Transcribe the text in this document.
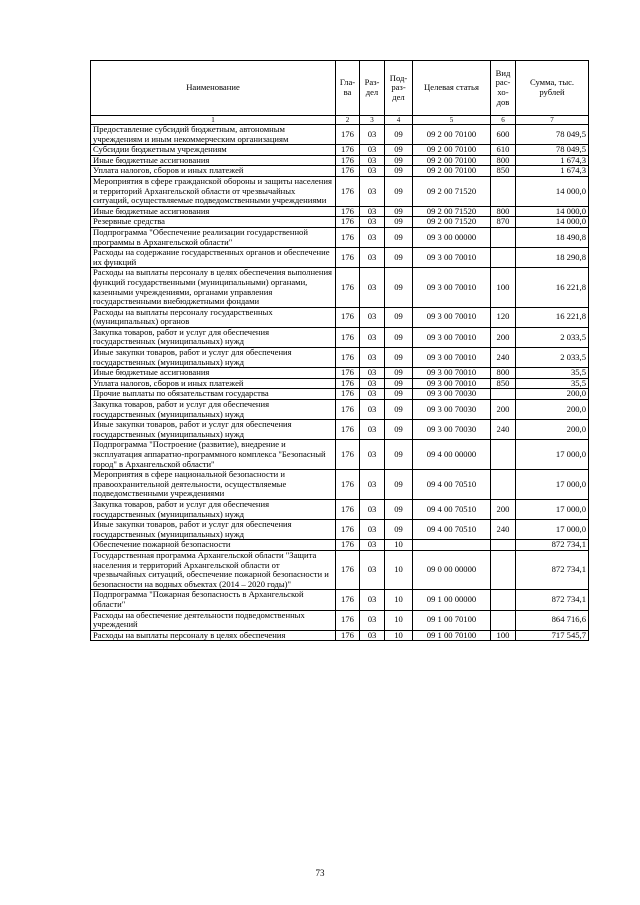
Наименование	Гла-ва	Раз-дел	Под-раз-дел	Целевая статья	Вид рас-хо-дов	Сумма, тыс. рублей
1	2	3	4	5	6	7
Предоставление субсидий бюджетным, автономным учреждениям и иным некоммерческим организациям	176	03	09	09 2 00 70100	600	78 049,5
Субсидии бюджетным учреждениям	176	03	09	09 2 00 70100	610	78 049,5
Иные бюджетные ассигнования	176	03	09	09 2 00 70100	800	1 674,3
Уплата налогов, сборов и иных платежей	176	03	09	09 2 00 70100	850	1 674,3
Мероприятия в сфере гражданской обороны и защиты населения и территорий Архангельской области от чрезвычайных ситуаций, осуществляемые подведомственными учреждениями	176	03	09	09 2 00 71520		14 000,0
Иные бюджетные ассигнования	176	03	09	09 2 00 71520	800	14 000,0
Резервные средства	176	03	09	09 2 00 71520	870	14 000,0
Подпрограмма "Обеспечение реализации государственной программы в Архангельской области"	176	03	09	09 3 00 00000		18 490,8
Расходы на содержание государственных органов и обеспечение их функций	176	03	09	09 3 00 70010		18 290,8
Расходы на выплаты персоналу в целях обеспечения выполнения функций государственными (муниципальными) органами, казенными учреждениями, органами управления государственными внебюджетными фондами	176	03	09	09 3 00 70010	100	16 221,8
Расходы на выплаты персоналу государственных (муниципальных) органов	176	03	09	09 3 00 70010	120	16 221,8
Закупка товаров, работ и услуг для обеспечения государственных (муниципальных) нужд	176	03	09	09 3 00 70010	200	2 033,5
Иные закупки товаров, работ и услуг для обеспечения государственных (муниципальных) нужд	176	03	09	09 3 00 70010	240	2 033,5
Иные бюджетные ассигнования	176	03	09	09 3 00 70010	800	35,5
Уплата налогов, сборов и иных платежей	176	03	09	09 3 00 70010	850	35,5
Прочие выплаты по обязательствам государства	176	03	09	09 3 00 70030		200,0
Закупка товаров, работ и услуг для обеспечения государственных (муниципальных) нужд	176	03	09	09 3 00 70030	200	200,0
Иные закупки товаров, работ и услуг для обеспечения государственных (муниципальных) нужд	176	03	09	09 3 00 70030	240	200,0
Подпрограмма "Построение (развитие), внедрение и эксплуатация аппаратно-программного комплекса "Безопасный город" в Архангельской области"	176	03	09	09 4 00 00000		17 000,0
Мероприятия в сфере национальной безопасности и правоохранительной деятельности, осуществляемые подведомственными учреждениями	176	03	09	09 4 00 70510		17 000,0
Закупка товаров, работ и услуг для обеспечения государственных (муниципальных) нужд	176	03	09	09 4 00 70510	200	17 000,0
Иные закупки товаров, работ и услуг для обеспечения государственных (муниципальных) нужд	176	03	09	09 4 00 70510	240	17 000,0
Обеспечение пожарной безопасности	176	03	10			872 734,1
Государственная программа Архангельской области "Защита населения и территорий Архангельской области от чрезвычайных ситуаций, обеспечение пожарной безопасности и безопасности на водных объектах (2014 – 2020 годы)"	176	03	10	09 0 00 00000		872 734,1
Подпрограмма "Пожарная безопасность в Архангельской области"	176	03	10	09 1 00 00000		872 734,1
Расходы на обеспечение деятельности подведомственных учреждений	176	03	10	09 1 00 70100		864 716,6
Расходы на выплаты персоналу в целях обеспечения	176	03	10	09 1 00 70100	100	717 545,7
73
